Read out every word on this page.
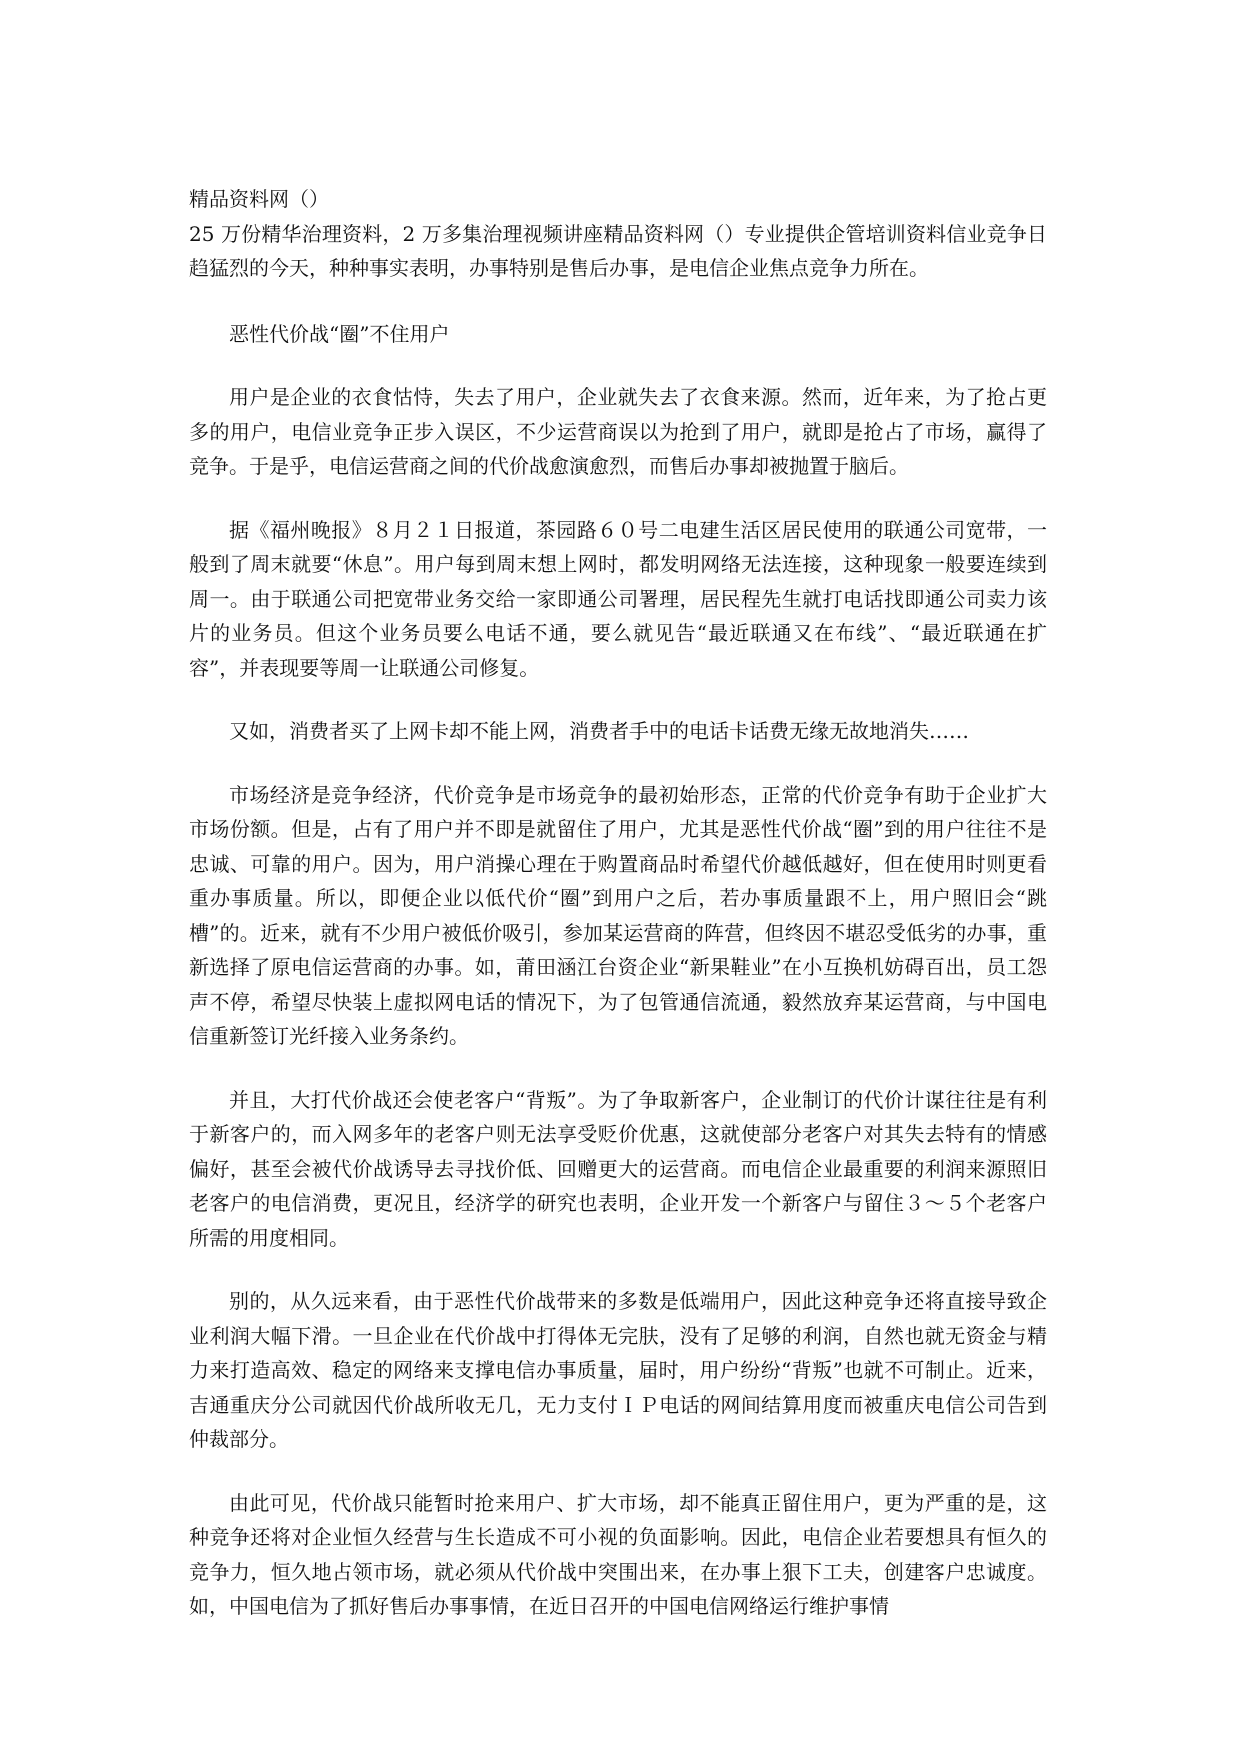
精品资料网（）

25 万份精华治理资料，2 万多集治理视频讲座精品资料网（）专业提供企管培训资料信业竞争日趋猛烈的今天，种种事实表明，办事特别是售后办事，是电信企业焦点竞争力所在。

恶性代价战“圈”不住用户

用户是企业的衣食怙恃，失去了用户，企业就失去了衣食来源。然而，近年来，为了抢占更多的用户，电信业竞争正步入误区，不少运营商误以为抢到了用户，就即是抢占了市场，赢得了竞争。于是乎，电信运营商之间的代价战愈演愈烈，而售后办事却被抛置于脑后。

据《福州晚报》８月２１日报道，茶园路６０号二电建生活区居民使用的联通公司宽带，一般到了周末就要“休息”。用户每到周末想上网时，都发明网络无法连接，这种现象一般要连续到周一。由于联通公司把宽带业务交给一家即通公司署理，居民程先生就打电话找即通公司卖力该片的业务员。但这个业务员要么电话不通，要么就见告“最近联通又在布线”、“最近联通在扩容”，并表现要等周一让联通公司修复。

又如，消费者买了上网卡却不能上网，消费者手中的电话卡话费无缘无故地消失……

市场经济是竞争经济，代价竞争是市场竞争的最初始形态，正常的代价竞争有助于企业扩大市场份额。但是，占有了用户并不即是就留住了用户，尤其是恶性代价战“圈”到的用户往往不是忠诚、可靠的用户。因为，用户消操心理在于购置商品时希望代价越低越好，但在使用时则更看重办事质量。所以，即便企业以低代价“圈”到用户之后，若办事质量跟不上，用户照旧会“跳槽”的。近来，就有不少用户被低价吸引，参加某运营商的阵营，但终因不堪忍受低劣的办事，重新选择了原电信运营商的办事。如，莆田涵江台资企业“新果鞋业”在小互换机妨碍百出，员工怨声不停，希望尽快装上虚拟网电话的情况下，为了包管通信流通，毅然放弃某运营商，与中国电信重新签订光纤接入业务条约。

并且，大打代价战还会使老客户“背叛”。为了争取新客户，企业制订的代价计谋往往是有利于新客户的，而入网多年的老客户则无法享受贬价优惠，这就使部分老客户对其失去特有的情感偏好，甚至会被代价战诱导去寻找价低、回赠更大的运营商。而电信企业最重要的利润来源照旧老客户的电信消费，更况且，经济学的研究也表明，企业开发一个新客户与留住３～５个老客户所需的用度相同。

别的，从久远来看，由于恶性代价战带来的多数是低端用户，因此这种竞争还将直接导致企业利润大幅下滑。一旦企业在代价战中打得体无完肤，没有了足够的利润，自然也就无资金与精力来打造高效、稳定的网络来支撑电信办事质量，届时，用户纷纷“背叛”也就不可制止。近来，吉通重庆分公司就因代价战所收无几，无力支付ＩＰ电话的网间结算用度而被重庆电信公司告到仲裁部分。

由此可见，代价战只能暂时抢来用户、扩大市场，却不能真正留住用户，更为严重的是，这种竞争还将对企业恒久经营与生长造成不可小视的负面影响。因此，电信企业若要想具有恒久的竞争力，恒久地占领市场，就必须从代价战中突围出来，在办事上狠下工夫，创建客户忠诚度。如，中国电信为了抓好售后办事事情，在近日召开的中国电信网络运行维护事情
